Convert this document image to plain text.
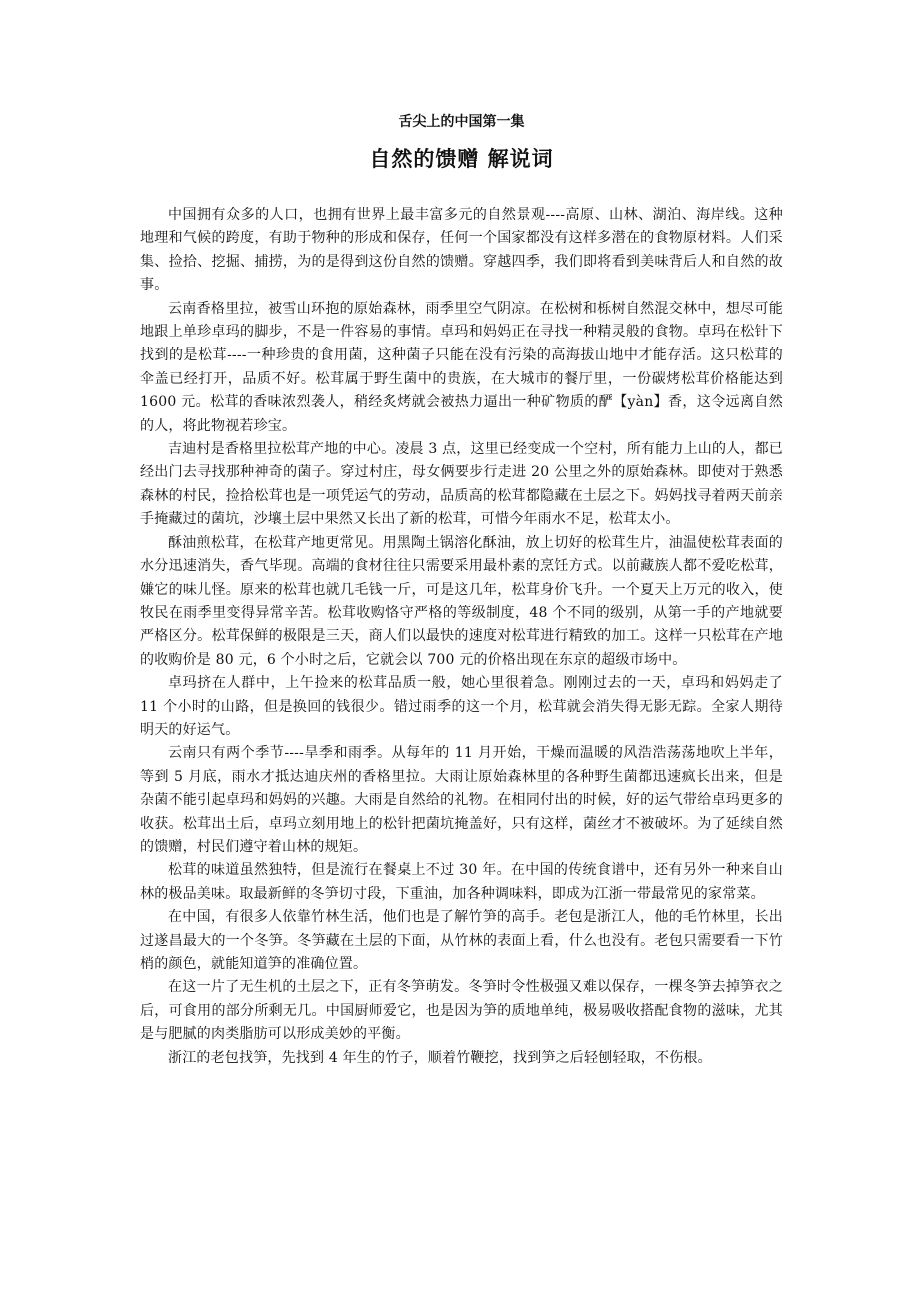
舌尖上的中国第一集
自然的馈赠 解说词

中国拥有众多的人口，也拥有世界上最丰富多元的自然景观----高原、山林、湖泊、海岸线。这种地理和气候的跨度，有助于物种的形成和保存，任何一个国家都没有这样多潜在的食物原材料。人们采集、捡拾、挖掘、捕捞，为的是得到这份自然的馈赠。穿越四季，我们即将看到美味背后人和自然的故事。

云南香格里拉，被雪山环抱的原始森林，雨季里空气阴凉。在松树和栎树自然混交林中，想尽可能地跟上单珍卓玛的脚步，不是一件容易的事情。卓玛和妈妈正在寻找一种精灵般的食物。卓玛在松针下找到的是松茸----一种珍贵的食用菌，这种菌子只能在没有污染的高海拔山地中才能存活。这只松茸的伞盖已经打开，品质不好。松茸属于野生菌中的贵族，在大城市的餐厅里，一份碳烤松茸价格能达到 1600 元。松茸的香味浓烈袭人，稍经炙烤就会被热力逼出一种矿物质的酽【yàn】香，这令远离自然的人，将此物视若珍宝。

吉迪村是香格里拉松茸产地的中心。凌晨 3 点，这里已经变成一个空村，所有能力上山的人，都已经出门去寻找那种神奇的菌子。穿过村庄，母女俩要步行走进 20 公里之外的原始森林。即使对于熟悉森林的村民，捡拾松茸也是一项凭运气的劳动，品质高的松茸都隐藏在土层之下。妈妈找寻着两天前亲手掩藏过的菌坑，沙壤土层中果然又长出了新的松茸，可惜今年雨水不足，松茸太小。

酥油煎松茸，在松茸产地更常见。用黑陶土锅溶化酥油，放上切好的松茸生片，油温使松茸表面的水分迅速消失，香气毕现。高端的食材往往只需要采用最朴素的烹饪方式。以前藏族人都不爱吃松茸，嫌它的味儿怪。原来的松茸也就几毛钱一斤，可是这几年，松茸身价飞升。一个夏天上万元的收入，使牧民在雨季里变得异常辛苦。松茸收购恪守严格的等级制度，48 个不同的级别，从第一手的产地就要严格区分。松茸保鲜的极限是三天，商人们以最快的速度对松茸进行精致的加工。这样一只松茸在产地的收购价是 80 元，6 个小时之后，它就会以 700 元的价格出现在东京的超级市场中。

卓玛挤在人群中，上午捡来的松茸品质一般，她心里很着急。刚刚过去的一天，卓玛和妈妈走了 11 个小时的山路，但是换回的钱很少。错过雨季的这一个月，松茸就会消失得无影无踪。全家人期待明天的好运气。

云南只有两个季节----旱季和雨季。从每年的 11 月开始，干燥而温暖的风浩浩荡荡地吹上半年，等到 5 月底，雨水才抵达迪庆州的香格里拉。大雨让原始森林里的各种野生菌都迅速疯长出来，但是杂菌不能引起卓玛和妈妈的兴趣。大雨是自然给的礼物。在相同付出的时候，好的运气带给卓玛更多的收获。松茸出土后，卓玛立刻用地上的松针把菌坑掩盖好，只有这样，菌丝才不被破坏。为了延续自然的馈赠，村民们遵守着山林的规矩。

松茸的味道虽然独特，但是流行在餐桌上不过 30 年。在中国的传统食谱中，还有另外一种来自山林的极品美味。取最新鲜的冬笋切寸段，下重油，加各种调味料，即成为江浙一带最常见的家常菜。

在中国，有很多人依靠竹林生活，他们也是了解竹笋的高手。老包是浙江人，他的毛竹林里，长出过遂昌最大的一个冬笋。冬笋藏在土层的下面，从竹林的表面上看，什么也没有。老包只需要看一下竹梢的颜色，就能知道笋的准确位置。

在这一片了无生机的土层之下，正有冬笋萌发。冬笋时令性极强又难以保存，一棵冬笋去掉笋衣之后，可食用的部分所剩无几。中国厨师爱它，也是因为笋的质地单纯，极易吸收搭配食物的滋味，尤其是与肥腻的肉类脂肪可以形成美妙的平衡。

浙江的老包找笋，先找到 4 年生的竹子，顺着竹鞭挖，找到笋之后轻刨轻取，不伤根。
